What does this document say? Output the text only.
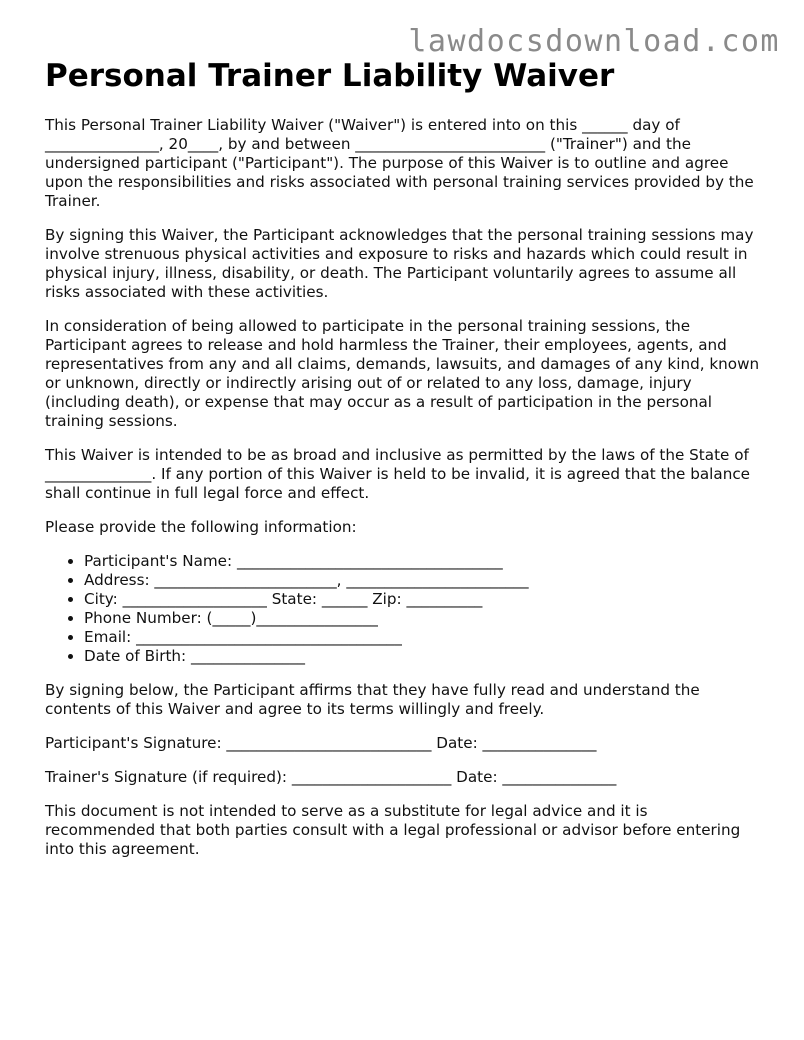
lawdocsdownload.com
Personal Trainer Liability Waiver

This Personal Trainer Liability Waiver ("Waiver") is entered into on this ______ day of _______________, 20____, by and between _________________________ ("Trainer") and the undersigned participant ("Participant"). The purpose of this Waiver is to outline and agree upon the responsibilities and risks associated with personal training services provided by the Trainer.

By signing this Waiver, the Participant acknowledges that the personal training sessions may involve strenuous physical activities and exposure to risks and hazards which could result in physical injury, illness, disability, or death. The Participant voluntarily agrees to assume all risks associated with these activities.

In consideration of being allowed to participate in the personal training sessions, the Participant agrees to release and hold harmless the Trainer, their employees, agents, and representatives from any and all claims, demands, lawsuits, and damages of any kind, known or unknown, directly or indirectly arising out of or related to any loss, damage, injury (including death), or expense that may occur as a result of participation in the personal training sessions.

This Waiver is intended to be as broad and inclusive as permitted by the laws of the State of ______________. If any portion of this Waiver is held to be invalid, it is agreed that the balance shall continue in full legal force and effect.

Please provide the following information:

• Participant's Name: ___________________________________
• Address: ________________________, ________________________
• City: ___________________ State: ______ Zip: __________
• Phone Number: (_____)________________
• Email: ___________________________________
• Date of Birth: _______________

By signing below, the Participant affirms that they have fully read and understand the contents of this Waiver and agree to its terms willingly and freely.

Participant's Signature: ___________________________ Date: _______________

Trainer's Signature (if required): _____________________ Date: _______________

This document is not intended to serve as a substitute for legal advice and it is recommended that both parties consult with a legal professional or advisor before entering into this agreement.
